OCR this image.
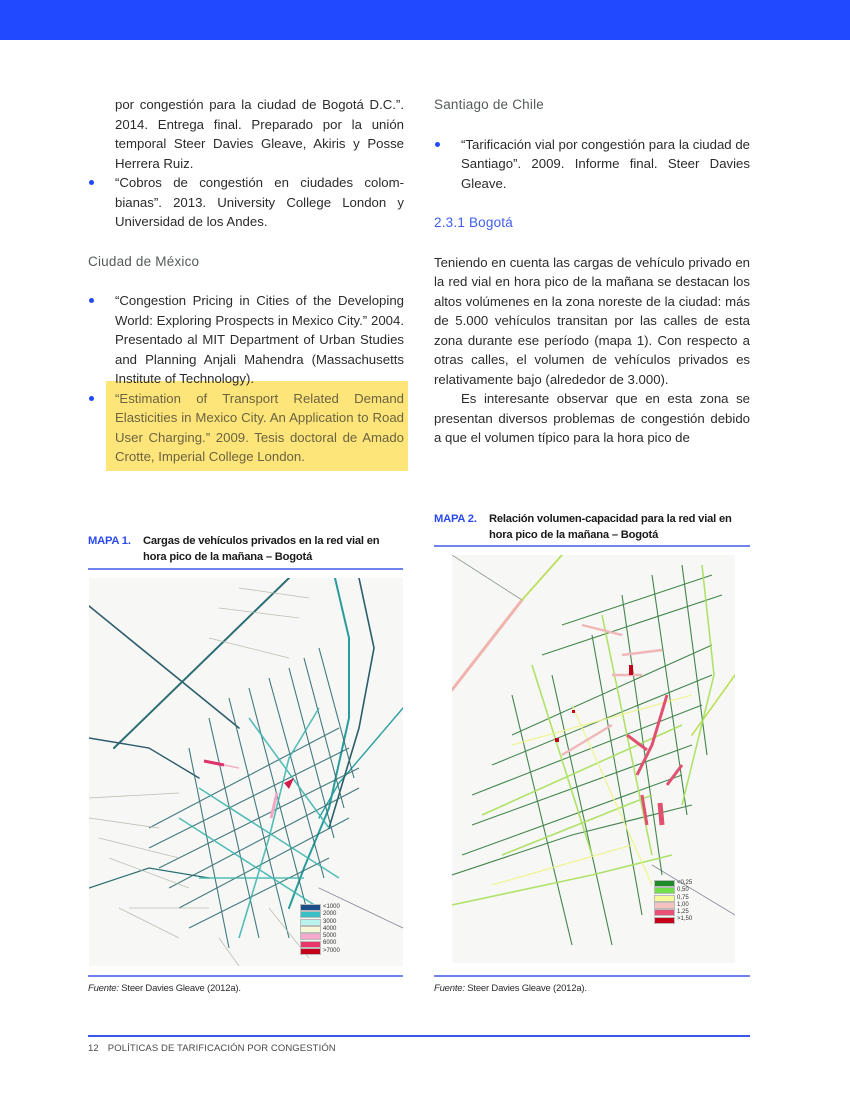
por congestión para la ciudad de Bogotá D.C.”. 2014. Entrega final. Preparado por la unión temporal Steer Davies Gleave, Akiris y Posse Herrera Ruiz.
“Cobros de congestión en ciudades colombianas”. 2013. University College London y Universidad de los Andes.
Ciudad de México
“Congestion Pricing in Cities of the Developing World: Exploring Prospects in Mexico City.” 2004. Presentado al MIT Department of Urban Studies and Planning Anjali Mahendra (Massachusetts Institute of Technology).
“Estimation of Transport Related Demand Elasticities in Mexico City. An Application to Road User Charging.” 2009. Tesis doctoral de Amado Crotte, Imperial College London.
Santiago de Chile
“Tarificación vial por congestión para la ciudad de Santiago”. 2009. Informe final. Steer Davies Gleave.
2.3.1 Bogotá
Teniendo en cuenta las cargas de vehículo privado en la red vial en hora pico de la mañana se destacan los altos volúmenes en la zona noreste de la ciudad: más de 5.000 vehículos transitan por las calles de esta zona durante ese período (mapa 1). Con respecto a otras calles, el volumen de vehículos privados es relativamente bajo (alrededor de 3.000).
Es interesante observar que en esta zona se presentan diversos problemas de congestión debido a que el volumen típico para la hora pico de
MAPA 1.	Cargas de vehículos privados en la red vial en hora pico de la mañana – Bogotá
<1000
2000
3000
4000
5000
6000
>7000
Fuente: Steer Davies Gleave (2012a).
MAPA 2.	Relación volumen-capacidad para la red vial en hora pico de la mañana – Bogotá
<0,25
0,50
0,75
1,00
1,25
>1,50
Fuente: Steer Davies Gleave (2012a).
12 POLÍTICAS DE TARIFICACIÓN POR CONGESTIÓN
